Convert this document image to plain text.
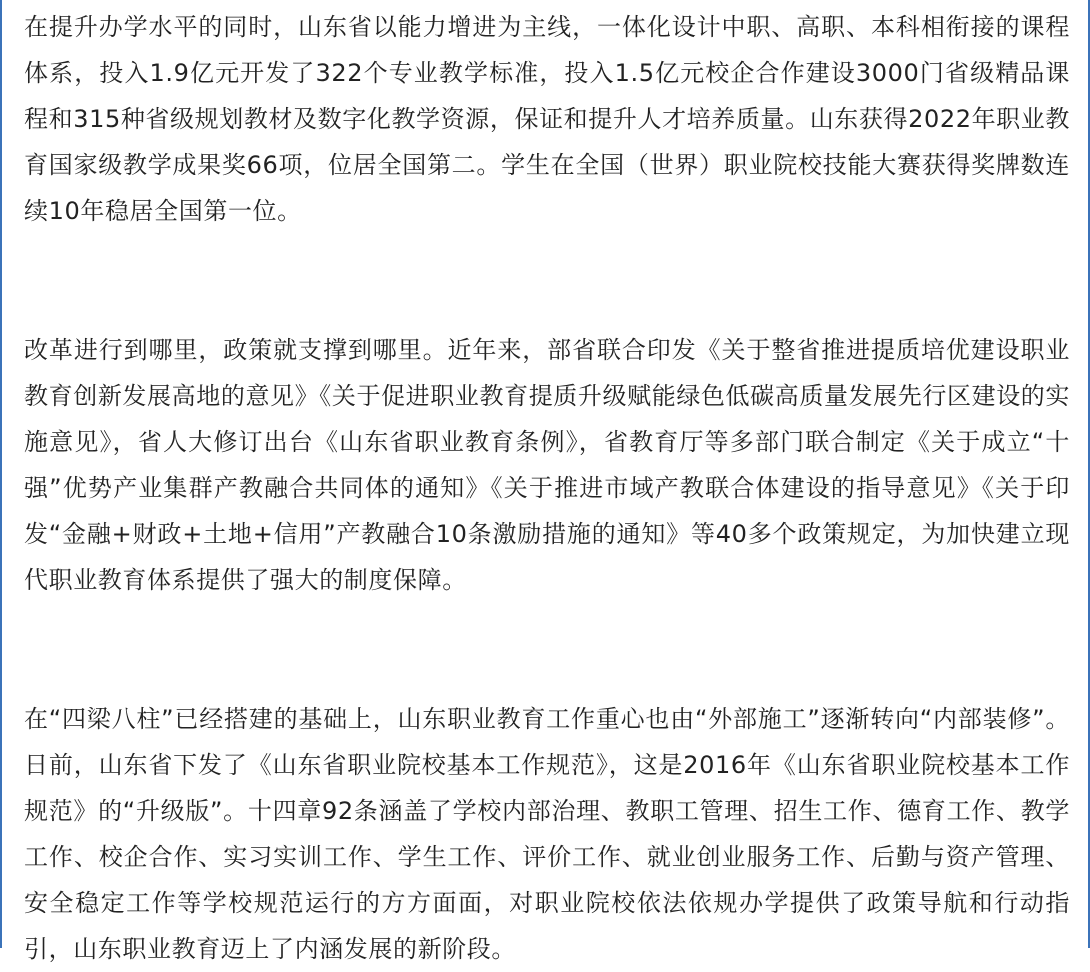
在提升办学水平的同时，山东省以能力增进为主线，一体化设计中职、高职、本科相衔接的课程体系，投入1.9亿元开发了322个专业教学标准，投入1.5亿元校企合作建设3000门省级精品课程和315种省级规划教材及数字化教学资源，保证和提升人才培养质量。山东获得2022年职业教育国家级教学成果奖66项，位居全国第二。学生在全国（世界）职业院校技能大赛获得奖牌数连续10年稳居全国第一位。

改革进行到哪里，政策就支撑到哪里。近年来，部省联合印发《关于整省推进提质培优建设职业教育创新发展高地的意见》《关于促进职业教育提质升级赋能绿色低碳高质量发展先行区建设的实施意见》，省人大修订出台《山东省职业教育条例》，省教育厅等多部门联合制定《关于成立“十强”优势产业集群产教融合共同体的通知》《关于推进市域产教联合体建设的指导意见》《关于印发“金融+财政+土地+信用”产教融合10条激励措施的通知》等40多个政策规定，为加快建立现代职业教育体系提供了强大的制度保障。

在“四梁八柱”已经搭建的基础上，山东职业教育工作重心也由“外部施工”逐渐转向“内部装修”。日前，山东省下发了《山东省职业院校基本工作规范》，这是2016年《山东省职业院校基本工作规范》的“升级版”。十四章92条涵盖了学校内部治理、教职工管理、招生工作、德育工作、教学工作、校企合作、实习实训工作、学生工作、评价工作、就业创业服务工作、后勤与资产管理、安全稳定工作等学校规范运行的方方面面，对职业院校依法依规办学提供了政策导航和行动指引，山东职业教育迈上了内涵发展的新阶段。
